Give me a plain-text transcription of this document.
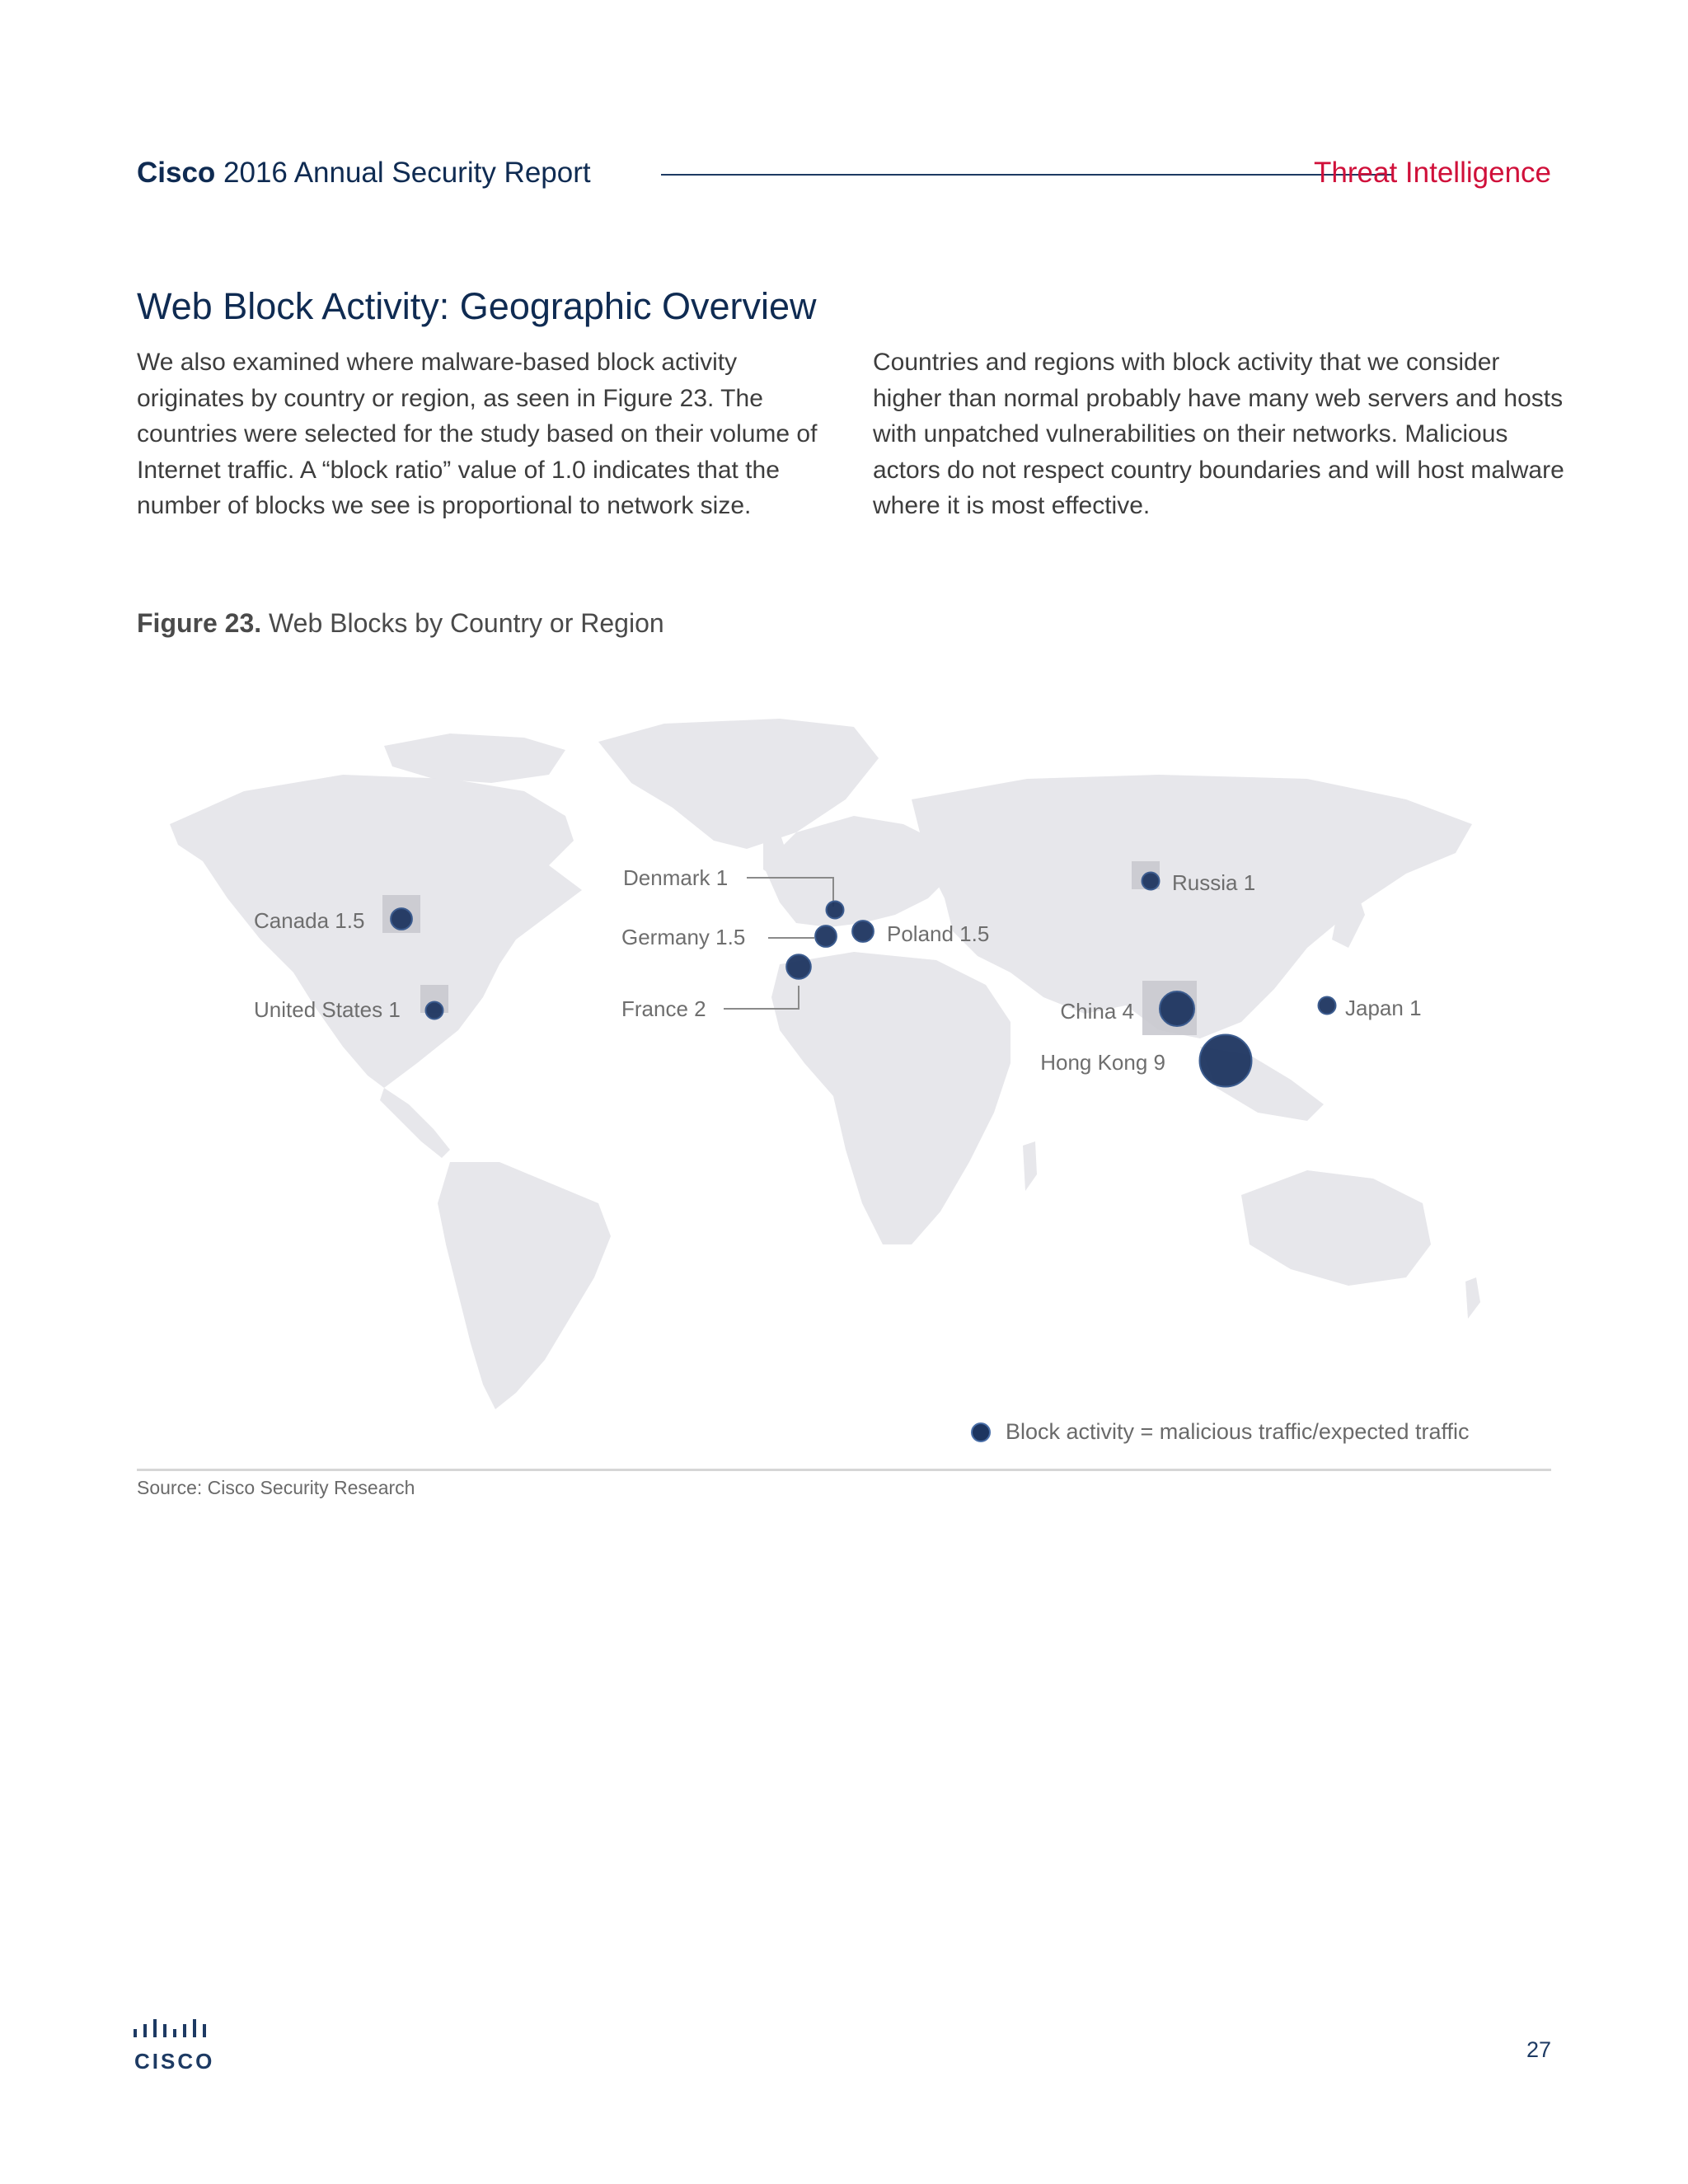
Cisco 2016 Annual Security Report	Threat Intelligence
Web Block Activity: Geographic Overview

We also examined where malware-based block activity originates by country or region, as seen in Figure 23. The countries were selected for the study based on their volume of Internet traffic. A “block ratio” value of 1.0 indicates that the number of blocks we see is proportional to network size.

Countries and regions with block activity that we consider higher than normal probably have many web servers and hosts with unpatched vulnerabilities on their networks. Malicious actors do not respect country boundaries and will host malware where it is most effective.

Figure 23. Web Blocks by Country or Region
Canada 1.5
United States 1
Denmark 1
Germany 1.5
France 2
Poland 1.5
Russia 1
China 4	Japan 1
Hong Kong 9
Block activity = malicious traffic/expected traffic
Source: Cisco Security Research
CISCO	27
